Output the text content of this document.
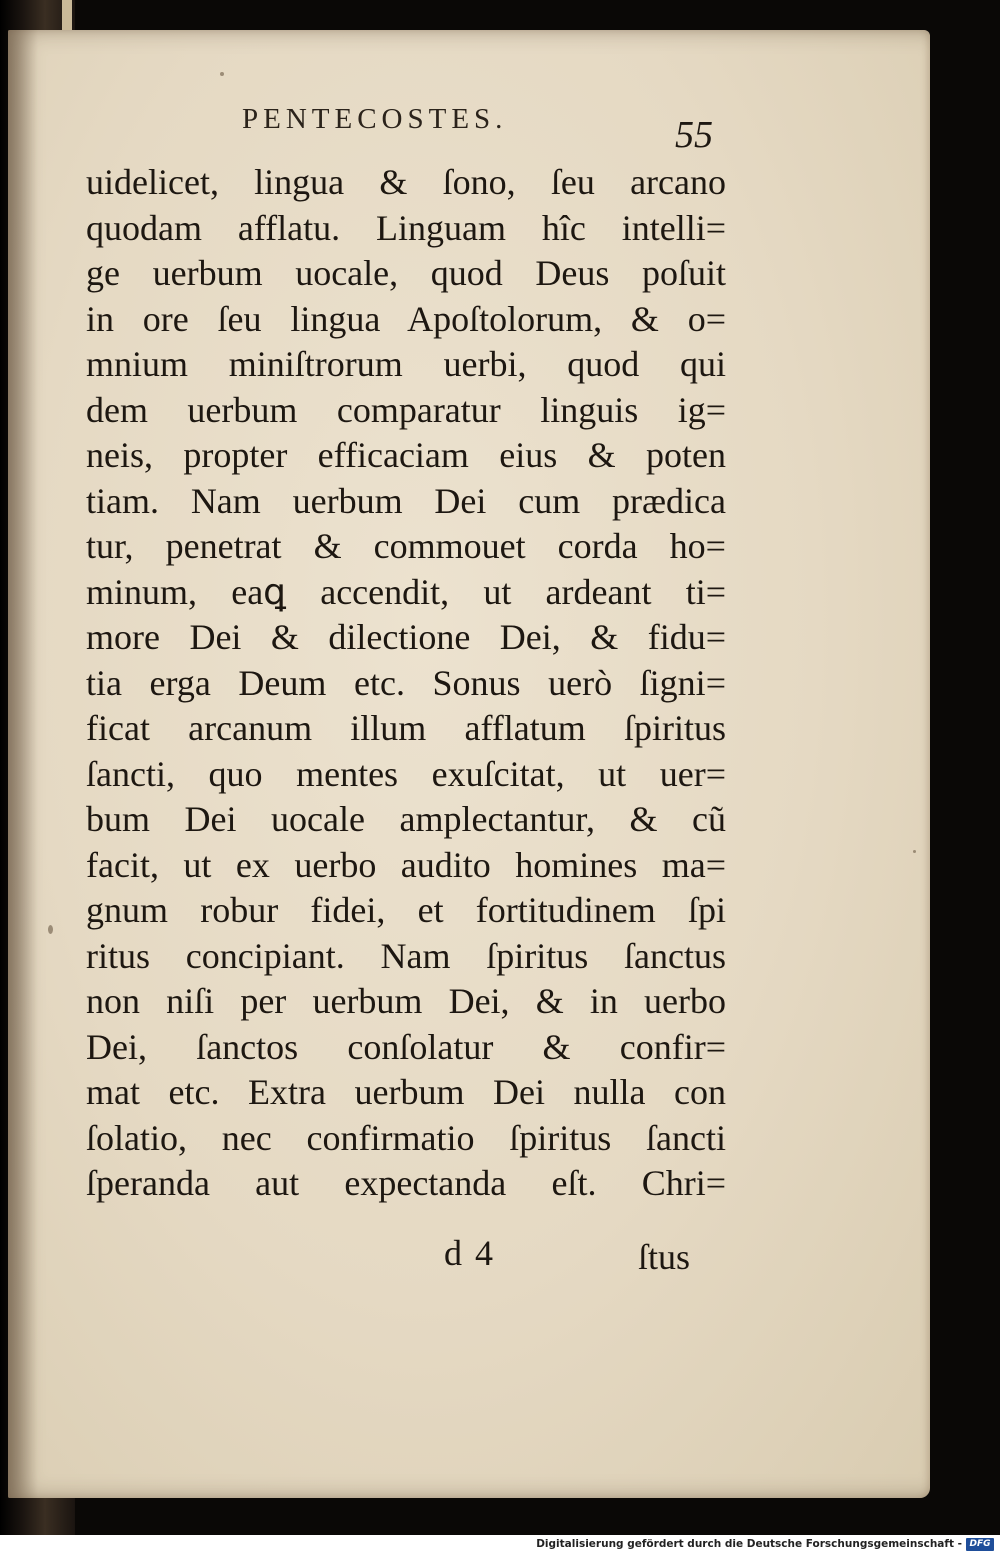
PENTECOSTES.	55
uidelicet, lingua & ſono, ſeu arcano
quodam afflatu. Linguam hîc intelli=
ge uerbum uocale, quod Deus poſuit
in ore ſeu lingua Apoſtolorum, & o=
mnium miniſtrorum uerbi, quod qui
dem uerbum comparatur linguis ig=
neis, propter efficaciam eius & poten
tiam. Nam uerbum Dei cum prædica
tur, penetrat & commouet corda ho=
minum, eaꝗ accendit, ut ardeant ti=
more Dei & dilectione Dei, & fidu=
tia erga Deum etc. Sonus uerò ſigni=
ficat arcanum illum afflatum ſpiritus
ſancti, quo mentes exuſcitat, ut uer=
bum Dei uocale amplectantur, & cũ
facit, ut ex uerbo audito homines ma=
gnum robur fidei, et fortitudinem ſpi
ritus concipiant. Nam ſpiritus ſanctus
non niſi per uerbum Dei, & in uerbo
Dei, ſanctos conſolatur & confir=
mat etc. Extra uerbum Dei nulla con
ſolatio, nec confirmatio ſpiritus ſancti
ſperanda aut expectanda eſt. Chri=
d 4	ſtus
Digitalisierung gefördert durch die Deutsche Forschungsgemeinschaft - DFG
